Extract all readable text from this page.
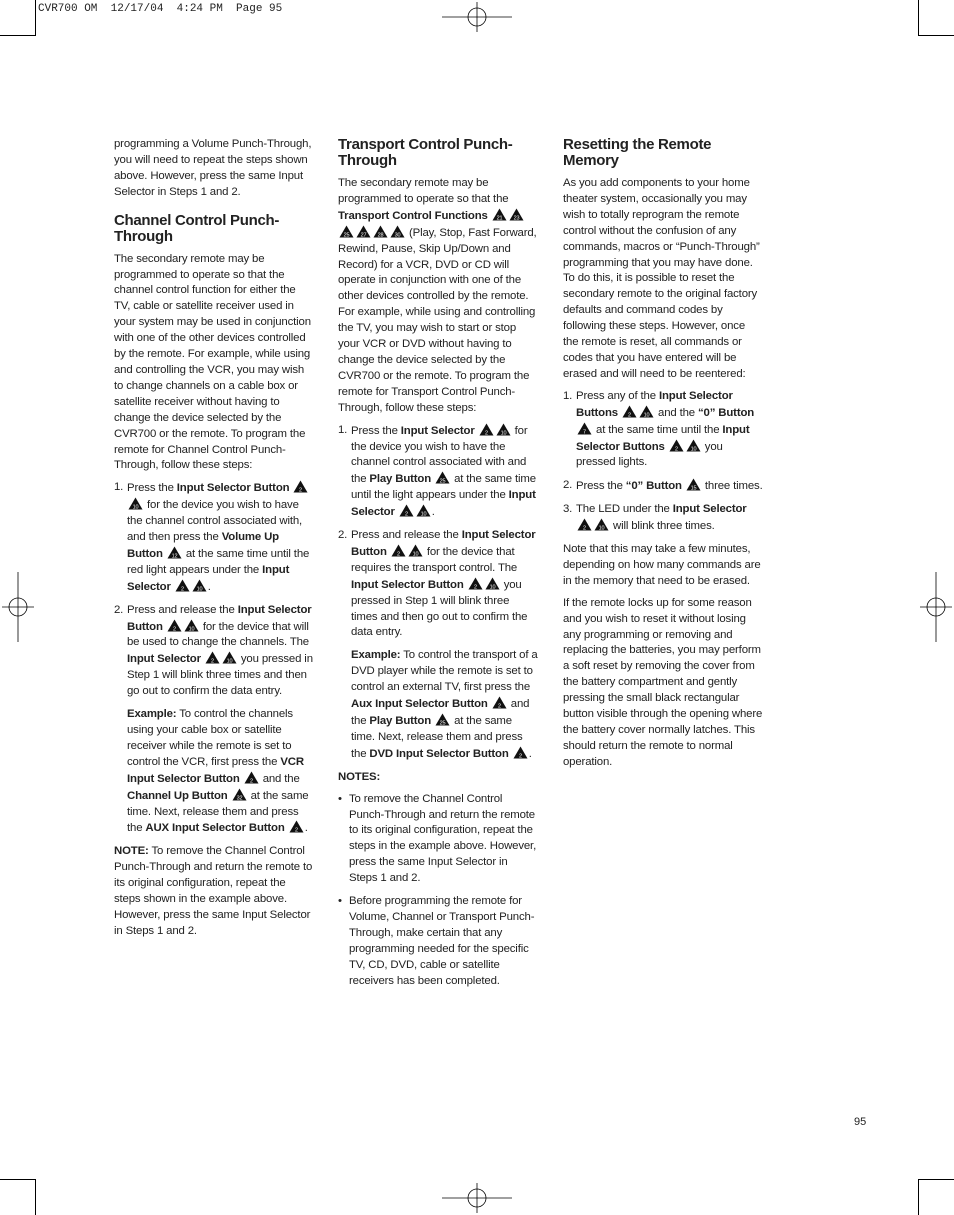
CVR700 OM  12/17/04  4:24 PM  Page 95

programming a Volume Punch-Through, you will need to repeat the steps shown above. However, press the same Input Selector in Steps 1 and 2.

Channel Control Punch-Through

The secondary remote may be programmed to operate so that the channel control function for either the TV, cable or satellite receiver used in your system may be used in conjunction with one of the other devices controlled by the remote. For example, while using and controlling the VCR, you may wish to change channels on a cable box or satellite receiver without having to change the device selected by the CVR700 or the remote. To program the remote for Channel Control Punch-Through, follow these steps:

1. Press the Input Selector Button 2
10 for the device you wish to have the channel control associated with, and then press the Volume Up Button 12 at the same time until the red light appears under the Input Selector 2 10 .
2. Press and release the Input Selector Button 2 10 for the device that will be used to change the channels. The Input Selector 2 10 you pressed in Step 1 will blink three times and then go out to confirm the data entry.
Example: To control the channels using your cable box or satellite receiver while the remote is set to control the VCR, first press the VCR Input Selector Button 2 and the Channel Up Button 32 at the same time. Next, release them and press the AUX Input Selector Button 2 .

NOTE: To remove the Channel Control Punch-Through and return the remote to its original configuration, repeat the steps shown in the example above. However, press the same Input Selector in Steps 1 and 2.

Transport Control Punch-Through

The secondary remote may be programmed to operate so that the Transport Control Functions 21 23
25 27 28 30 (Play, Stop, Fast Forward, Rewind, Pause, Skip Up/Down and Record) for a VCR, DVD or CD will operate in conjunction with one of the other devices controlled by the remote. For example, while using and controlling the TV, you may wish to start or stop your VCR or DVD without having to change the device selected by the CVR700 or the remote. To program the remote for Transport Control Punch-Through, follow these steps:

1. Press the Input Selector 2 10 for the device you wish to have the channel control associated with and the Play Button 25 at the same time until the light appears under the Input Selector 2 10 .
2. Press and release the Input Selector Button 2 10 for the device that requires the transport control. The Input Selector Button 2 10 you pressed in Step 1 will blink three times and then go out to confirm the data entry.
Example: To control the transport of a DVD player while the remote is set to control an external TV, first press the Aux Input Selector Button 2 and the Play Button 25 at the same time. Next, release them and press the DVD Input Selector Button 2 .

NOTES:

• To remove the Channel Control Punch-Through and return the remote to its original configuration, repeat the steps in the example above. However, press the same Input Selector in Steps 1 and 2.
• Before programming the remote for Volume, Channel or Transport Punch-Through, make certain that any programming needed for the specific TV, CD, DVD, cable or satellite receivers has been completed.
Resetting the Remote Memory

As you add components to your home theater system, occasionally you may wish to totally reprogram the remote control without the confusion of any commands, macros or “Punch-Through” programming that you may have done. To do this, it is possible to reset the secondary remote to the original factory defaults and command codes by following these steps. However, once the remote is reset, all commands or codes that you have entered will be erased and will need to be reentered:

1. Press any of the Input Selector Buttons 2 10 and the “0” Button
7 at the same time until the Input Selector Buttons 2 10 you pressed lights.
2. Press the “0” Button 15 three times.
3. The LED under the Input Selector
2 10 will blink three times.

Note that this may take a few minutes, depending on how many commands are in the memory that need to be erased.

If the remote locks up for some reason and you wish to reset it without losing any programming or removing and replacing the batteries, you may perform a soft reset by removing the cover from the battery compartment and gently pressing the small black rectangular button visible through the opening where the battery cover normally latches. This should return the remote to normal operation.

95
